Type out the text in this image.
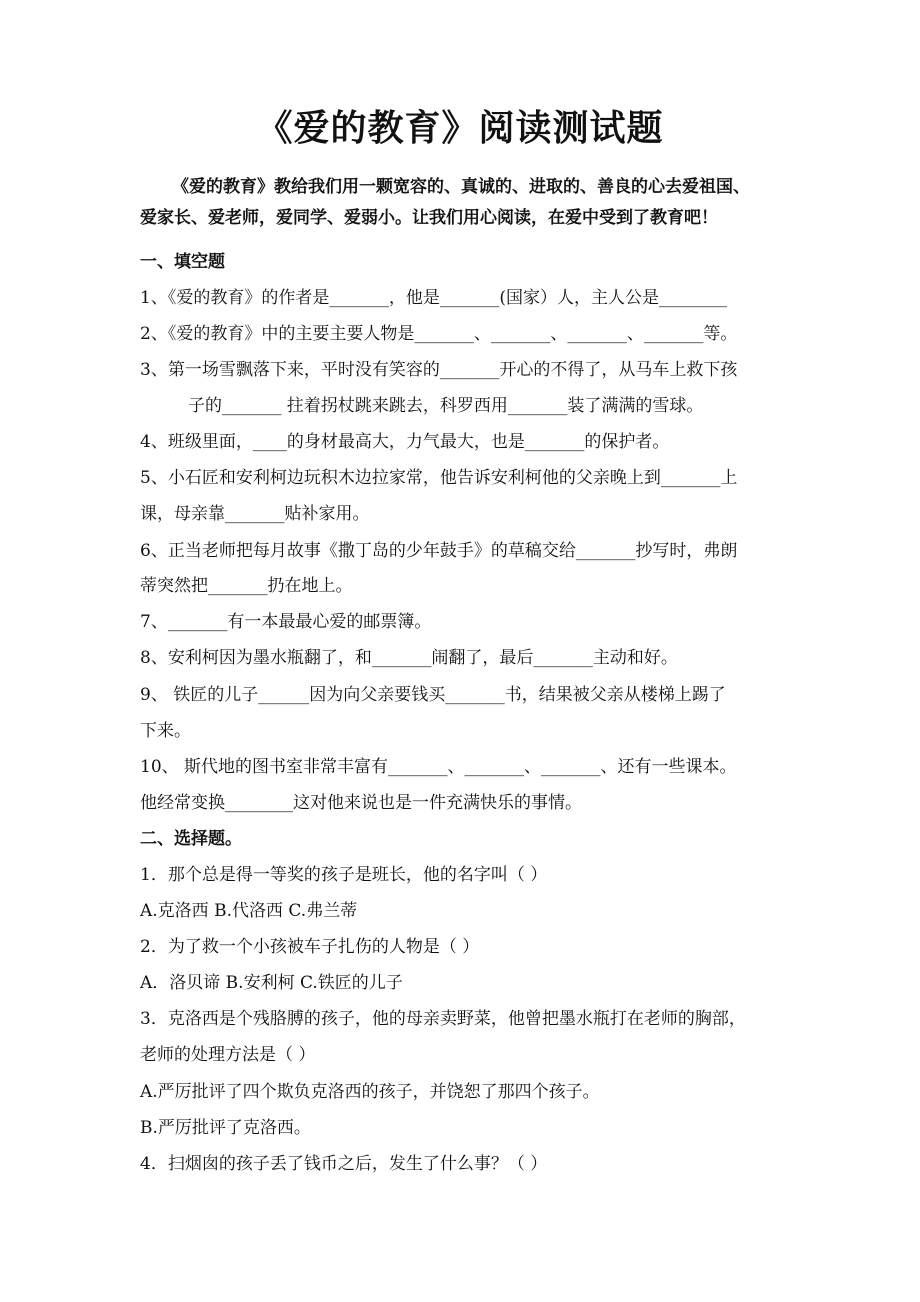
《爱的教育》阅读测试题
《爱的教育》教给我们用一颗宽容的、真诚的、进取的、善良的心去爱祖国、
爱家长、爱老师，爱同学、爱弱小。让我们用心阅读，在爱中受到了教育吧！
一、填空题
1、《爱的教育》的作者是_______，他是_______(国家）人，主人公是________
2、《爱的教育》中的主要主要人物是_______、_______、_______、_______等。
3、第一场雪飘落下来，平时没有笑容的_______开心的不得了，从马车上救下孩
子的_______ 拄着拐杖跳来跳去，科罗西用_______装了满满的雪球。
4、班级里面，____的身材最高大，力气最大，也是_______的保护者。
5、小石匠和安利柯边玩积木边拉家常，他告诉安利柯他的父亲晚上到_______上
课，母亲靠_______贴补家用。
6、正当老师把每月故事《撒丁岛的少年鼓手》的草稿交给_______抄写时，弗朗
蒂突然把_______扔在地上。
7、_______有一本最最心爱的邮票簿。
8、安利柯因为墨水瓶翻了，和_______闹翻了，最后_______主动和好。
9、 铁匠的儿子______因为向父亲要钱买_______书，结果被父亲从楼梯上踢了
下来。
10、 斯代地的图书室非常丰富有_______、_______、_______、还有一些课本。
他经常变换________这对他来说也是一件充满快乐的事情。
二、选择题。
1．那个总是得一等奖的孩子是班长，他的名字叫（ ）
A.克洛西 B.代洛西 C.弗兰蒂
2．为了救一个小孩被车子扎伤的人物是（ ）
A．洛贝谛 B.安利柯 C.铁匠的儿子
3．克洛西是个残胳膊的孩子，他的母亲卖野菜，他曾把墨水瓶打在老师的胸部，
老师的处理方法是（ ）
A.严厉批评了四个欺负克洛西的孩子，并饶恕了那四个孩子。
B.严厉批评了克洛西。
4．扫烟囱的孩子丢了钱币之后，发生了什么事？（ ）
